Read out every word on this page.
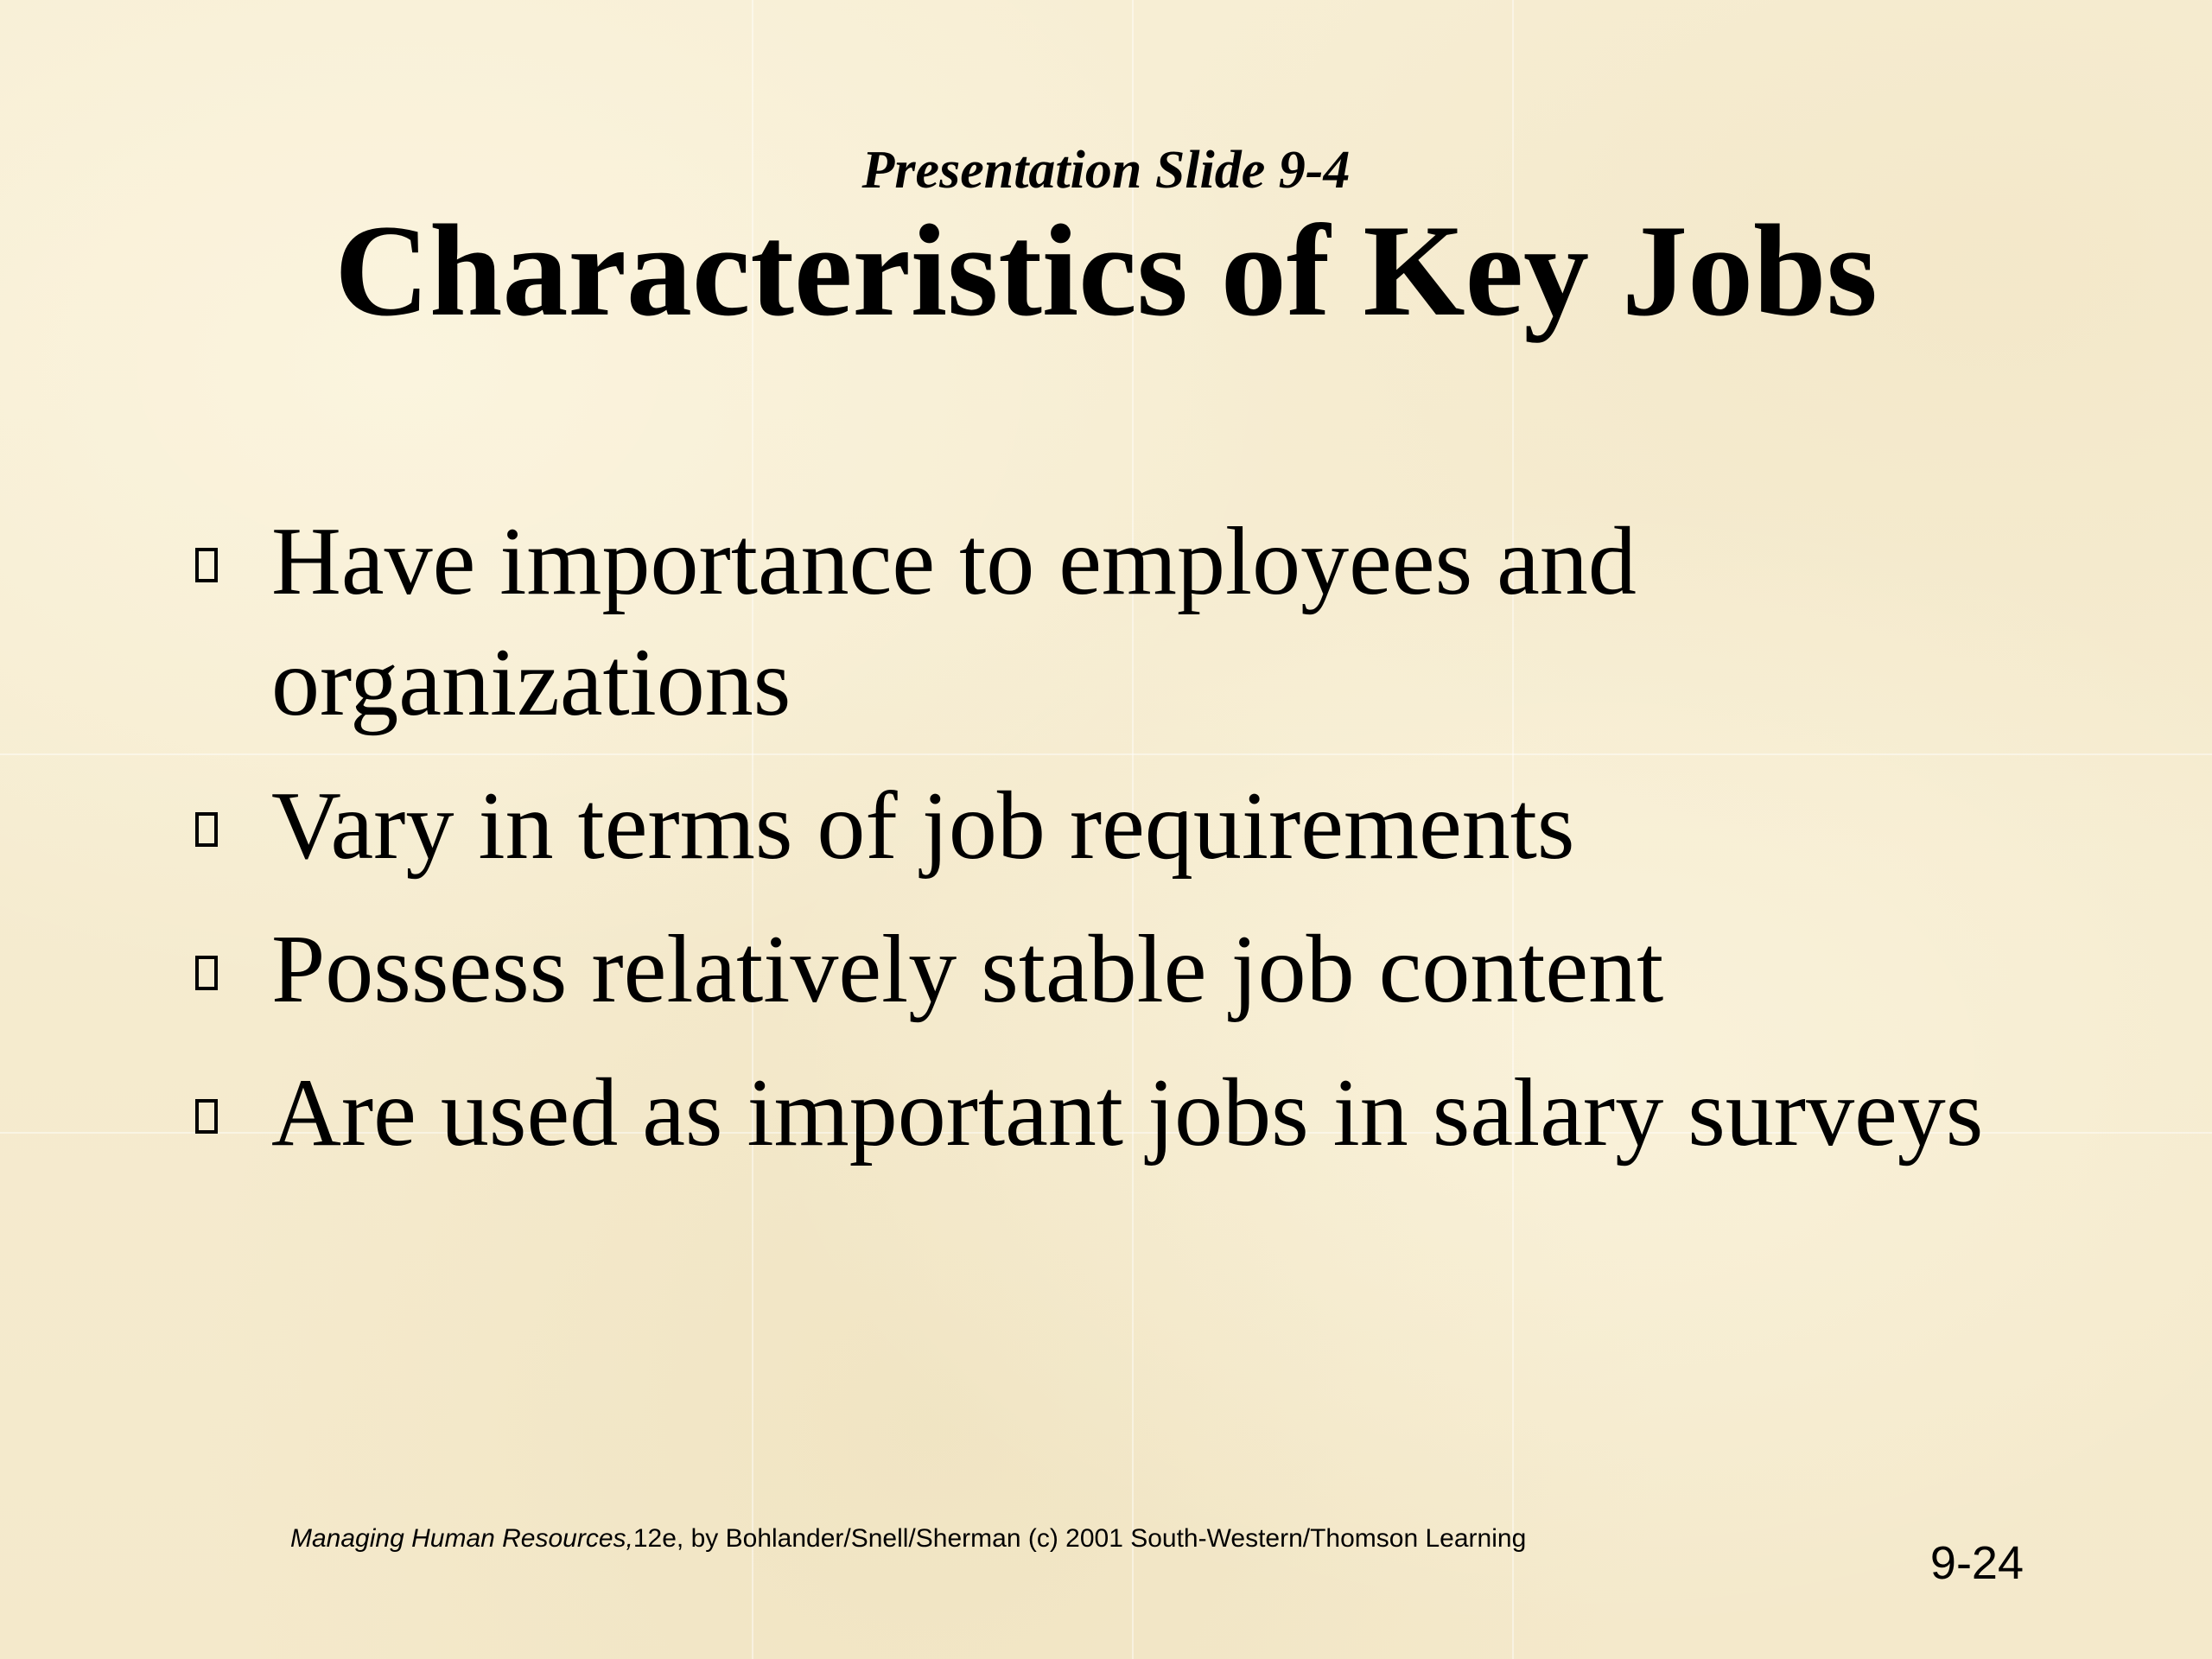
Presentation Slide 9-4
Characteristics of Key Jobs
Have importance to employees and organizations
Vary in terms of job requirements
Possess relatively stable job content
Are used as important jobs in salary surveys
Managing Human Resources,12e, by Bohlander/Snell/Sherman (c) 2001 South-Western/Thomson Learning	9-24
